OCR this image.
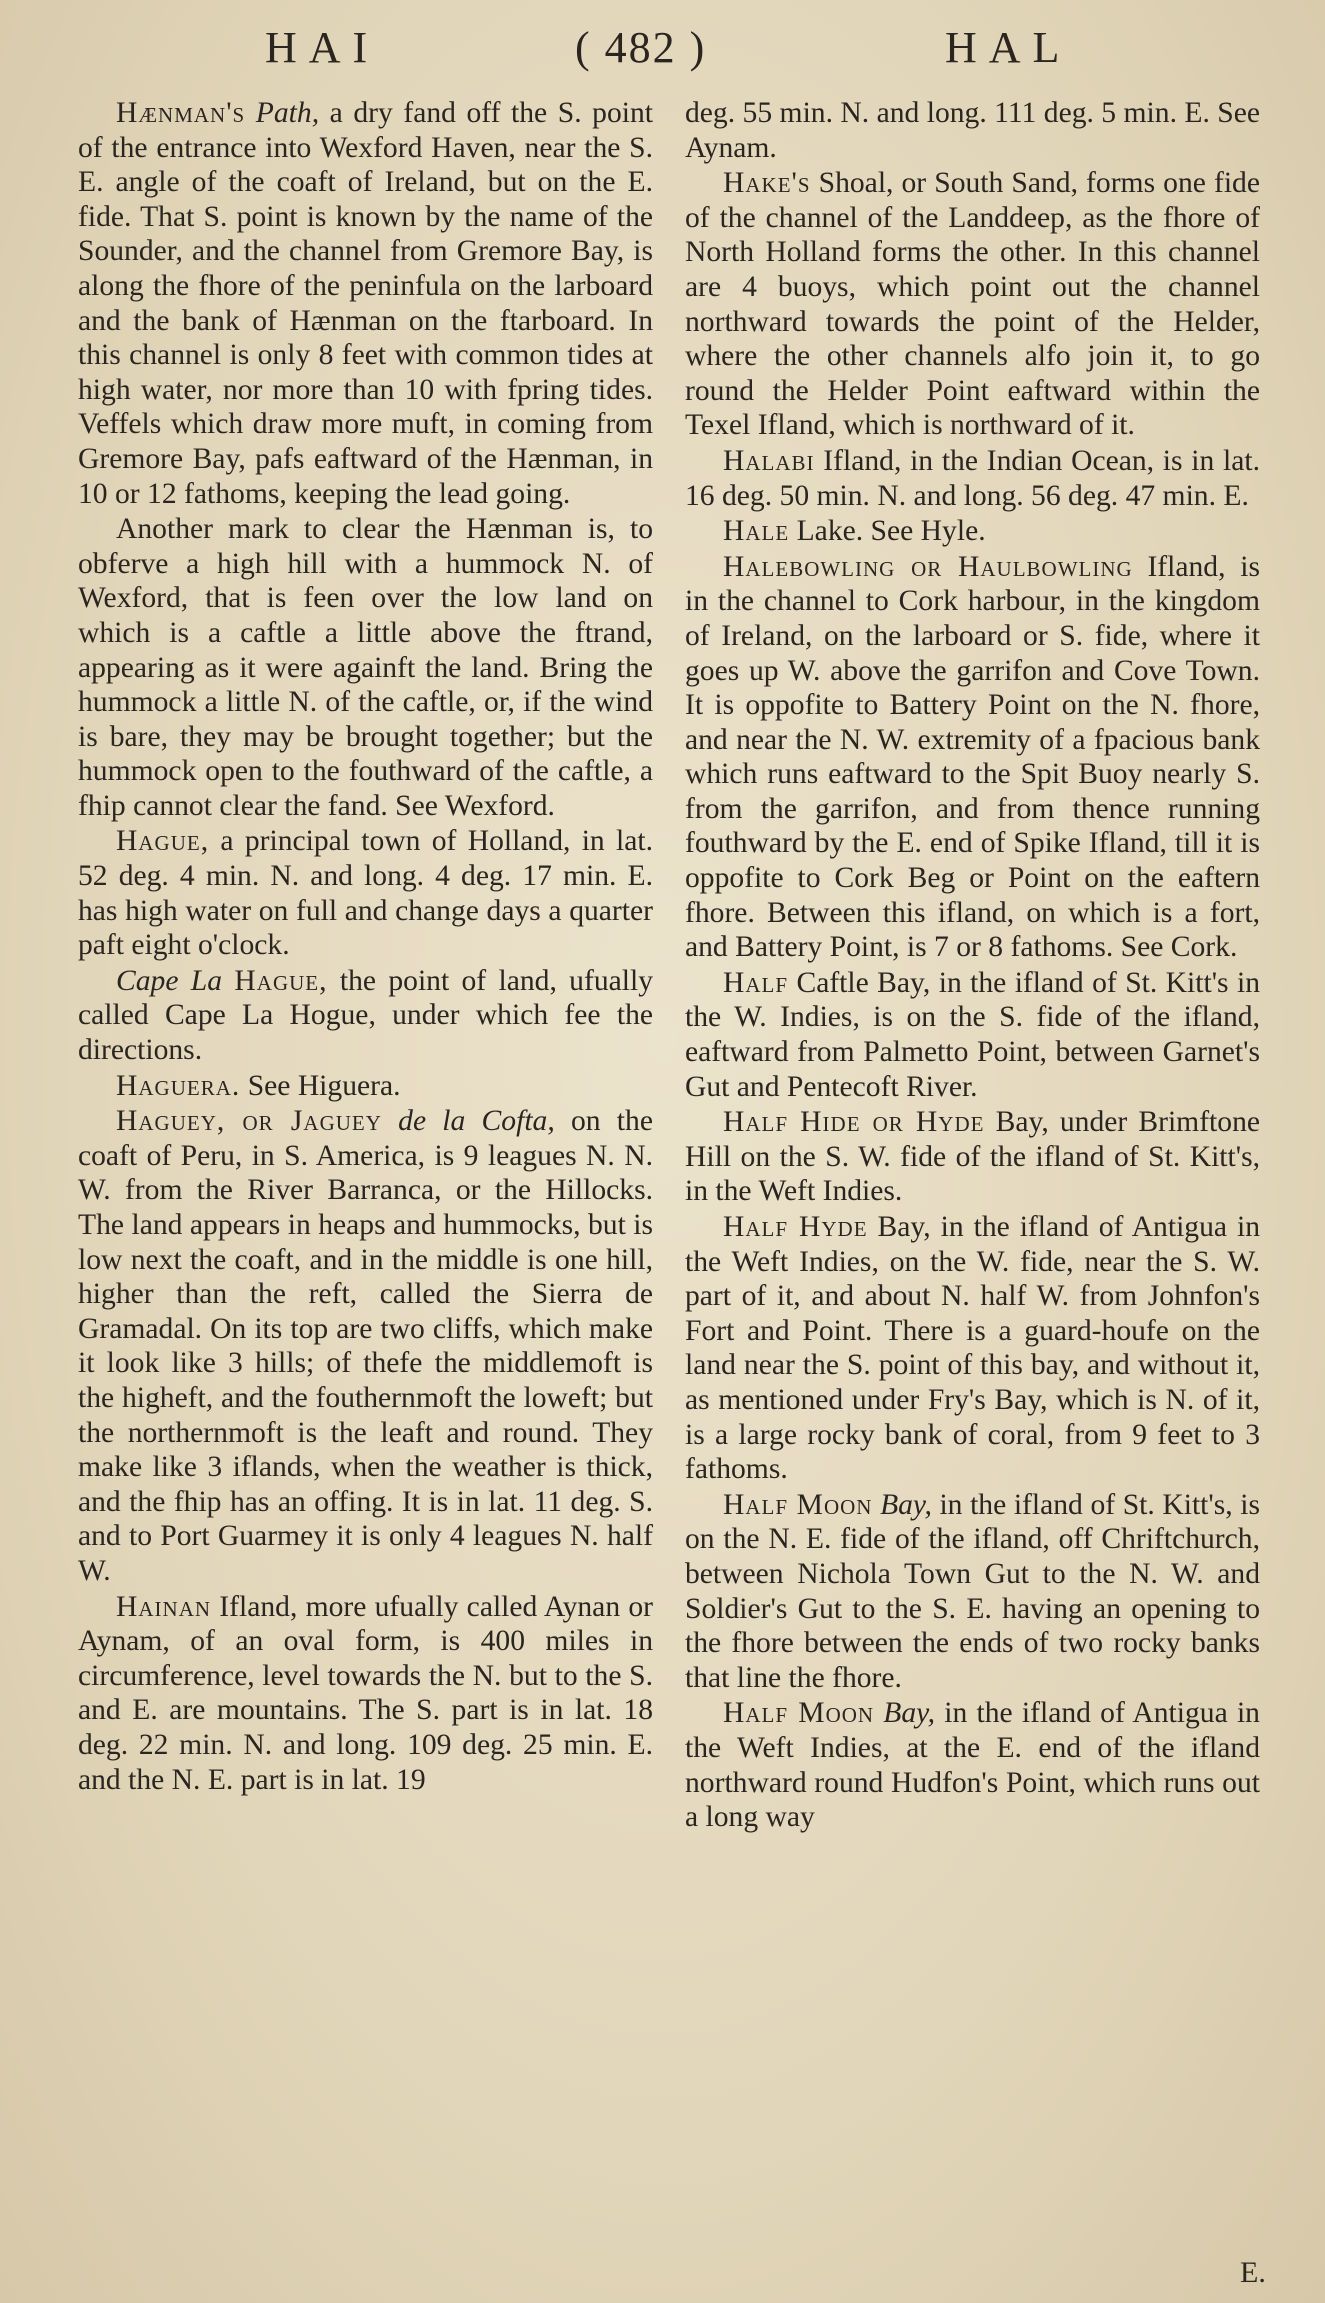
HAI	( 482 )	HAL

Hænman's Path, a dry fand off the S. point of the entrance into Wexford Haven, near the S. E. angle of the coaft of Ireland, but on the E. fide. That S. point is known by the name of the Sounder, and the channel from Gremore Bay, is along the fhore of the peninfula on the larboard and the bank of Hænman on the ftarboard. In this channel is only 8 feet with common tides at high water, nor more than 10 with fpring tides. Veffels which draw more muft, in coming from Gremore Bay, pafs eaftward of the Hænman, in 10 or 12 fathoms, keeping the lead going.

Another mark to clear the Hænman is, to obferve a high hill with a hummock N. of Wexford, that is feen over the low land on which is a caftle a little above the ftrand, appearing as it were againft the land. Bring the hummock a little N. of the caftle, or, if the wind is bare, they may be brought together; but the hummock open to the fouthward of the caftle, a fhip cannot clear the fand. See Wexford.

Hague, a principal town of Holland, in lat. 52 deg. 4 min. N. and long. 4 deg. 17 min. E. has high water on full and change days a quarter paft eight o'clock.

Cape La Hague, the point of land, ufually called Cape La Hogue, under which fee the directions.

Haguera. See Higuera.

Haguey, or Jaguey de la Cofta, on the coaft of Peru, in S. America, is 9 leagues N. N. W. from the River Barranca, or the Hillocks. The land appears in heaps and hummocks, but is low next the coaft, and in the middle is one hill, higher than the reft, called the Sierra de Gramadal. On its top are two cliffs, which make it look like 3 hills; of thefe the middlemoft is the higheft, and the fouthernmoft the loweft; but the northernmoft is the leaft and round. They make like 3 iflands, when the weather is thick, and the fhip has an offing. It is in lat. 11 deg. S. and to Port Guarmey it is only 4 leagues N. half W.

Hainan Ifland, more ufually called Aynan or Aynam, of an oval form, is 400 miles in circumference, level towards the N. but to the S. and E. are mountains. The S. part is in lat. 18 deg. 22 min. N. and long. 109 deg. 25 min. E. and the N. E. part is in lat. 19

deg. 55 min. N. and long. 111 deg. 5 min. E. See Aynam.

Hake's Shoal, or South Sand, forms one fide of the channel of the Landdeep, as the fhore of North Holland forms the other. In this channel are 4 buoys, which point out the channel northward towards the point of the Helder, where the other channels alfo join it, to go round the Helder Point eaftward within the Texel Ifland, which is northward of it.

Halabi Ifland, in the Indian Ocean, is in lat. 16 deg. 50 min. N. and long. 56 deg. 47 min. E.

Hale Lake. See Hyle.

Halebowling or Haulbowling Ifland, is in the channel to Cork harbour, in the kingdom of Ireland, on the larboard or S. fide, where it goes up W. above the garrifon and Cove Town. It is oppofite to Battery Point on the N. fhore, and near the N. W. extremity of a fpacious bank which runs eaftward to the Spit Buoy nearly S. from the garrifon, and from thence running fouthward by the E. end of Spike Ifland, till it is oppofite to Cork Beg or Point on the eaftern fhore. Between this ifland, on which is a fort, and Battery Point, is 7 or 8 fathoms. See Cork.

Half Caftle Bay, in the ifland of St. Kitt's in the W. Indies, is on the S. fide of the ifland, eaftward from Palmetto Point, between Garnet's Gut and Pentecoft River.

Half Hide or Hyde Bay, under Brimftone Hill on the S. W. fide of the ifland of St. Kitt's, in the Weft Indies.

Half Hyde Bay, in the ifland of Antigua in the Weft Indies, on the W. fide, near the S. W. part of it, and about N. half W. from Johnfon's Fort and Point. There is a guard-houfe on the land near the S. point of this bay, and without it, as mentioned under Fry's Bay, which is N. of it, is a large rocky bank of coral, from 9 feet to 3 fathoms.

Half Moon Bay, in the ifland of St. Kitt's, is on the N. E. fide of the ifland, off Chriftchurch, between Nichola Town Gut to the N. W. and Soldier's Gut to the S. E. having an opening to the fhore between the ends of two rocky banks that line the fhore.

Half Moon Bay, in the ifland of Antigua in the Weft Indies, at the E. end of the ifland northward round Hudfon's Point, which runs out a long way

E.
